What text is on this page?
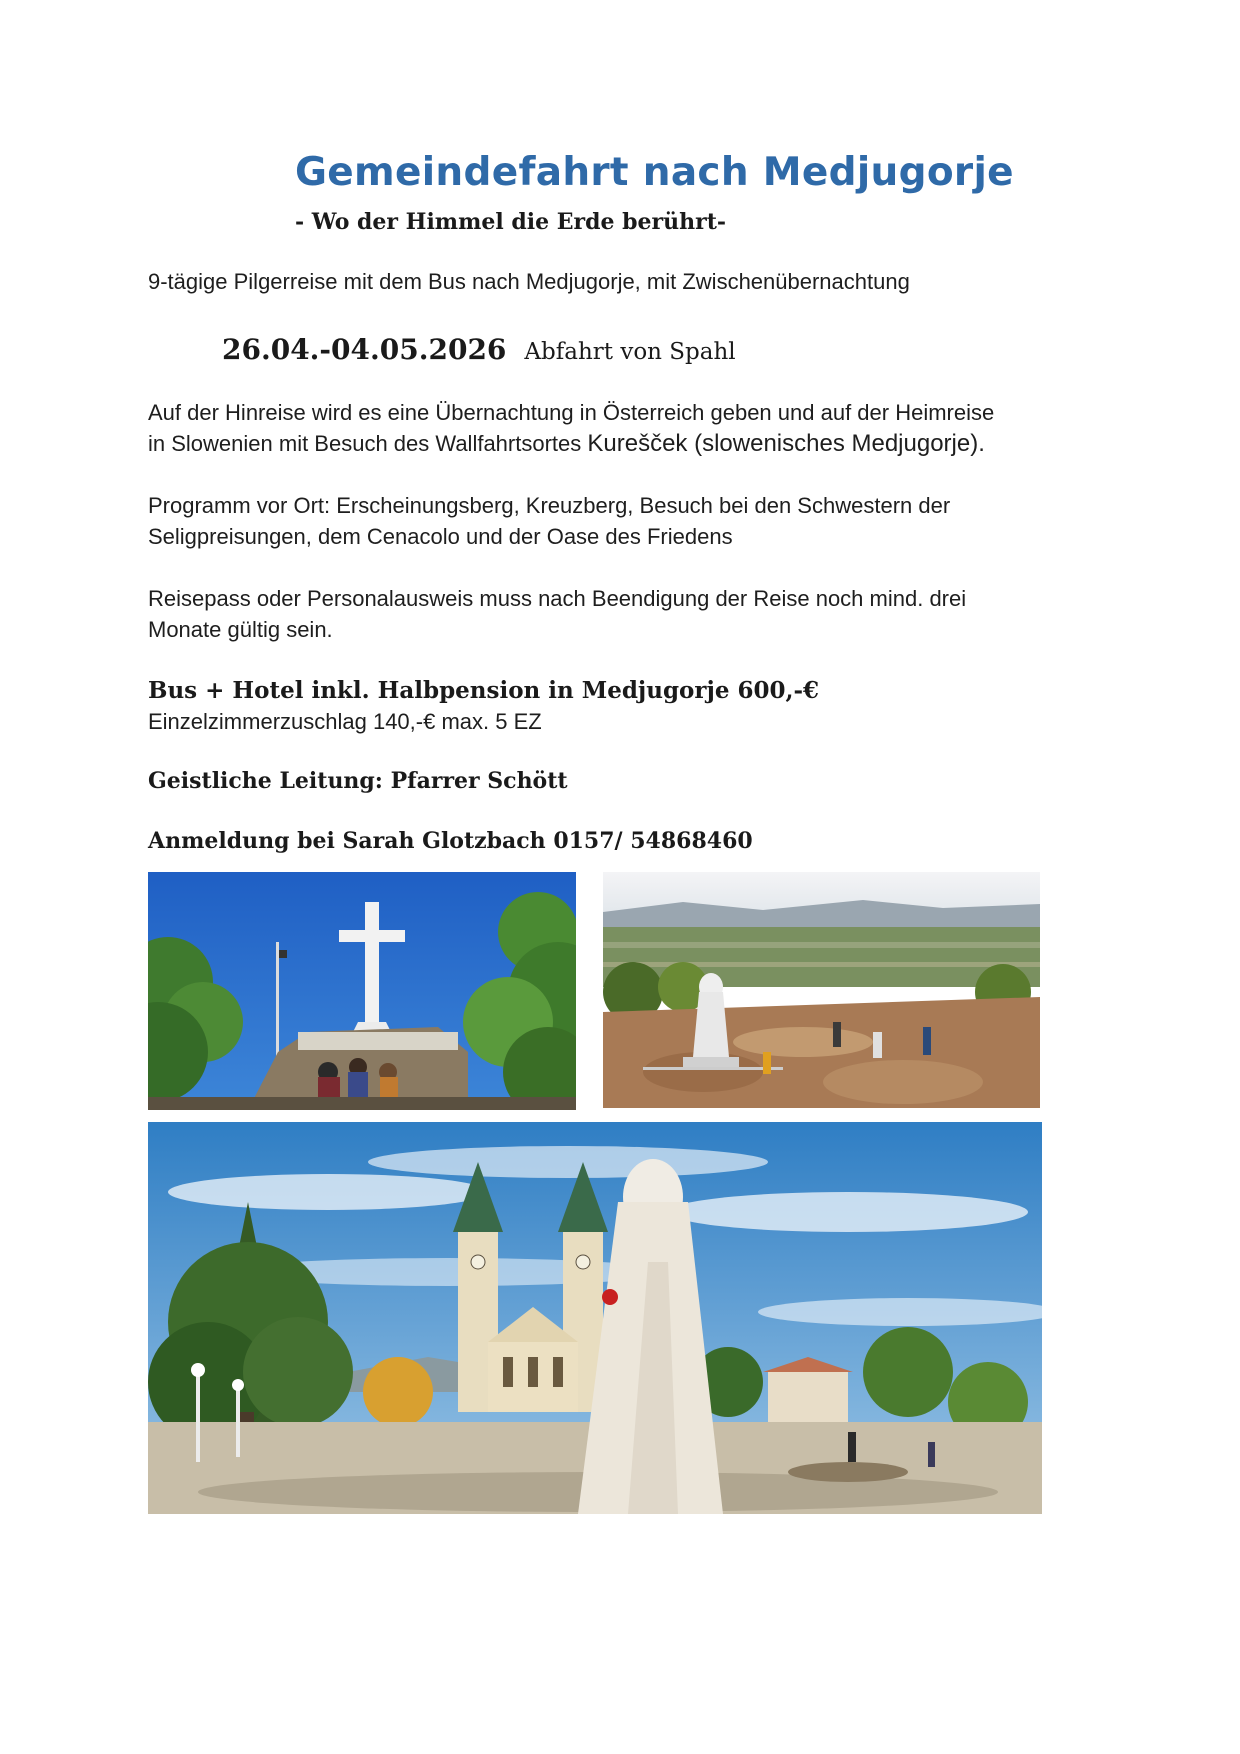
Gemeindefahrt nach Medjugorje
- Wo der Himmel die Erde berührt-
9-tägige Pilgerreise mit dem Bus nach Medjugorje, mit Zwischenübernachtung
26.04.-04.05.2026 Abfahrt von Spahl
Auf der Hinreise wird es eine Übernachtung in Österreich geben und auf der Heimreise
in Slowenien mit Besuch des Wallfahrtsortes Kurešček (slowenisches Medjugorje).
Programm vor Ort: Erscheinungsberg, Kreuzberg, Besuch bei den Schwestern der
Seligpreisungen, dem Cenacolo und der Oase des Friedens
Reisepass oder Personalausweis muss nach Beendigung der Reise noch mind. drei
Monate gültig sein.
Bus + Hotel inkl. Halbpension in Medjugorje 600,-€
Einzelzimmerzuschlag 140,-€ max. 5 EZ
Geistliche Leitung: Pfarrer Schött
Anmeldung bei Sarah Glotzbach 0157/ 54868460
